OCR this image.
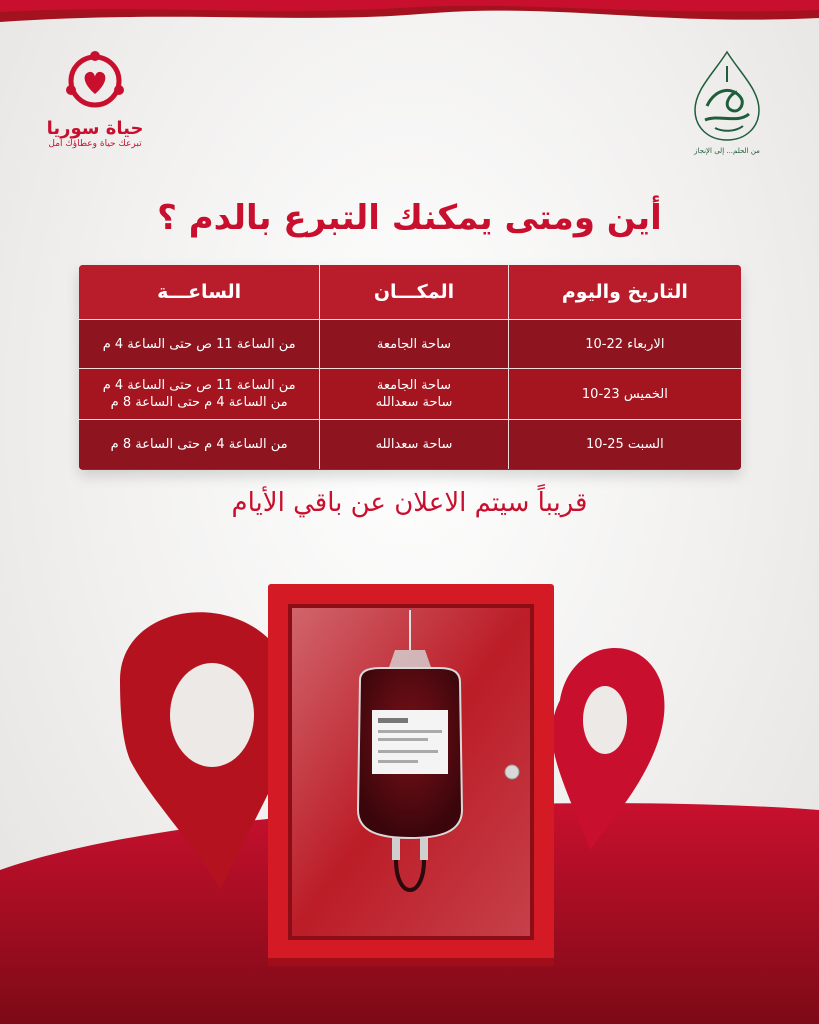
حياة سوريا
تبرعك حياة وعطاؤك أمل
من الحلم... إلى الإنجاز
أين ومتى يمكنك التبرع بالدم ؟
التاريخ واليوم
المكـــان
الساعـــة
الاربعاء 22-10
ساحة الجامعة
من الساعة 11 ص حتى الساعة 4 م
الخميس 23-10
ساحة الجامعة
ساحة سعدالله
من الساعة 11 ص حتى الساعة 4 م
من الساعة 4 م حتى الساعة 8 م
السبت 25-10
ساحة سعدالله
من الساعة 4 م حتى الساعة 8 م
قريباً سيتم الاعلان عن باقي الأيام
